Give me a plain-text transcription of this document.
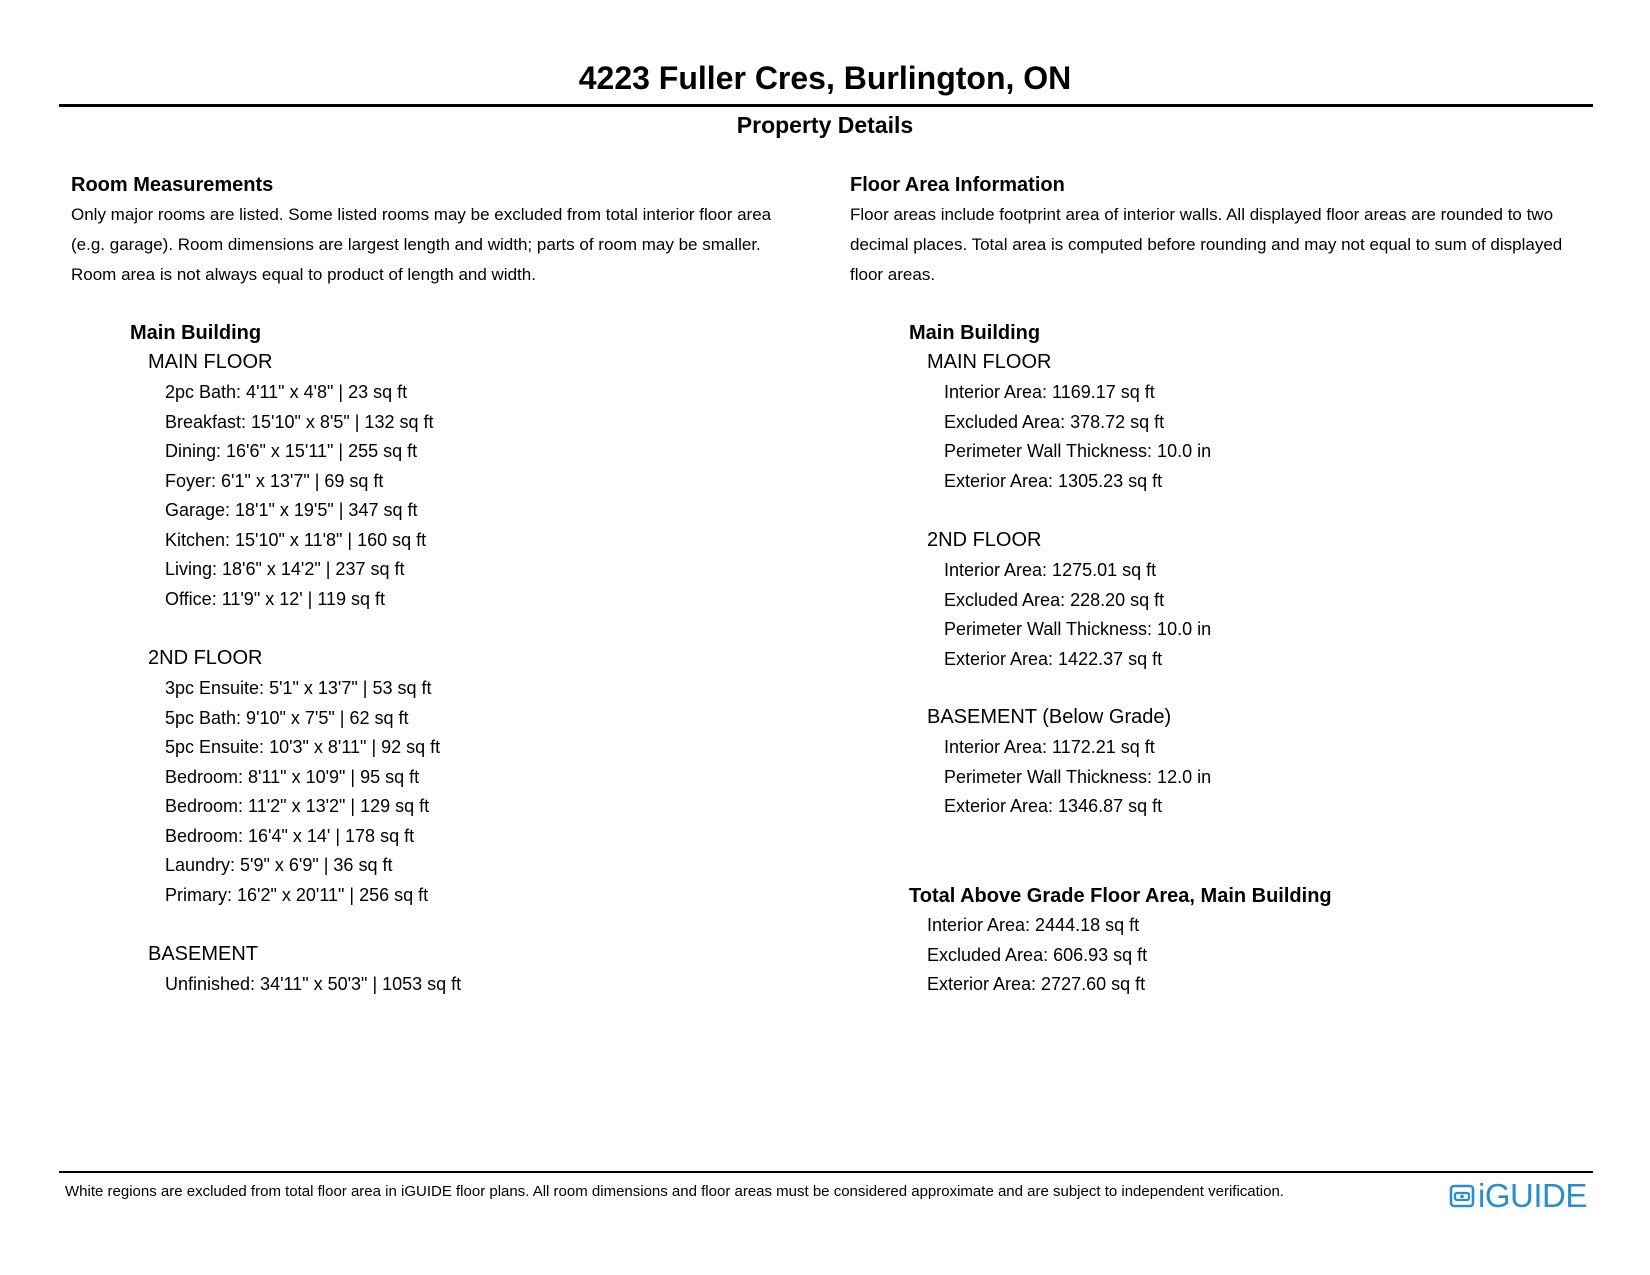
4223 Fuller Cres, Burlington, ON
Property Details
Room Measurements
Only major rooms are listed. Some listed rooms may be excluded from total interior floor area
(e.g. garage). Room dimensions are largest length and width; parts of room may be smaller.
Room area is not always equal to product of length and width.
Main Building
MAIN FLOOR
2pc Bath: 4'11" x 4'8" | 23 sq ft
Breakfast: 15'10" x 8'5" | 132 sq ft
Dining: 16'6" x 15'11" | 255 sq ft
Foyer: 6'1" x 13'7" | 69 sq ft
Garage: 18'1" x 19'5" | 347 sq ft
Kitchen: 15'10" x 11'8" | 160 sq ft
Living: 18'6" x 14'2" | 237 sq ft
Office: 11'9" x 12' | 119 sq ft
2ND FLOOR
3pc Ensuite: 5'1" x 13'7" | 53 sq ft
5pc Bath: 9'10" x 7'5" | 62 sq ft
5pc Ensuite: 10'3" x 8'11" | 92 sq ft
Bedroom: 8'11" x 10'9" | 95 sq ft
Bedroom: 11'2" x 13'2" | 129 sq ft
Bedroom: 16'4" x 14' | 178 sq ft
Laundry: 5'9" x 6'9" | 36 sq ft
Primary: 16'2" x 20'11" | 256 sq ft
BASEMENT
Unfinished: 34'11" x 50'3" | 1053 sq ft
Floor Area Information
Floor areas include footprint area of interior walls. All displayed floor areas are rounded to two
decimal places. Total area is computed before rounding and may not equal to sum of displayed
floor areas.
Main Building
MAIN FLOOR
Interior Area: 1169.17 sq ft
Excluded Area: 378.72 sq ft
Perimeter Wall Thickness: 10.0 in
Exterior Area: 1305.23 sq ft
2ND FLOOR
Interior Area: 1275.01 sq ft
Excluded Area: 228.20 sq ft
Perimeter Wall Thickness: 10.0 in
Exterior Area: 1422.37 sq ft
BASEMENT (Below Grade)
Interior Area: 1172.21 sq ft
Perimeter Wall Thickness: 12.0 in
Exterior Area: 1346.87 sq ft
Total Above Grade Floor Area, Main Building
Interior Area: 2444.18 sq ft
Excluded Area: 606.93 sq ft
Exterior Area: 2727.60 sq ft
White regions are excluded from total floor area in iGUIDE floor plans. All room dimensions and floor areas must be considered approximate and are subject to independent verification.	iGUIDE
